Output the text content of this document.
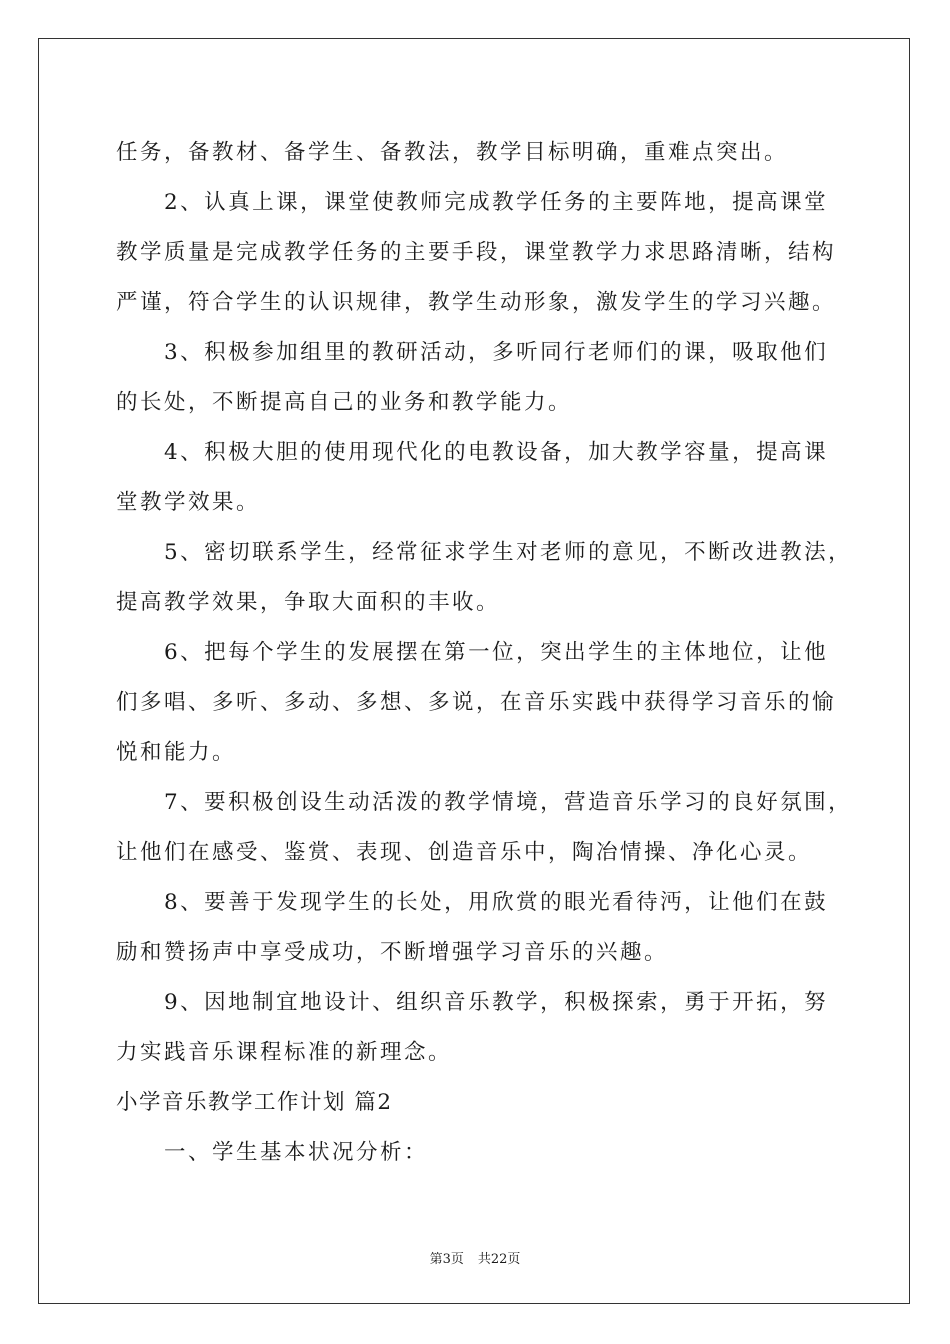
任务，备教材、备学生、备教法，教学目标明确，重难点突出。
2、认真上课，课堂使教师完成教学任务的主要阵地，提高课堂
教学质量是完成教学任务的主要手段，课堂教学力求思路清晰，结构
严谨，符合学生的认识规律，教学生动形象，激发学生的学习兴趣。
3、积极参加组里的教研活动，多听同行老师们的课，吸取他们
的长处，不断提高自己的业务和教学能力。
4、积极大胆的使用现代化的电教设备，加大教学容量，提高课
堂教学效果。
5、密切联系学生，经常征求学生对老师的意见，不断改进教法，
提高教学效果，争取大面积的丰收。
6、把每个学生的发展摆在第一位，突出学生的主体地位，让他
们多唱、多听、多动、多想、多说，在音乐实践中获得学习音乐的愉
悦和能力。
7、要积极创设生动活泼的教学情境，营造音乐学习的良好氛围，
让他们在感受、鉴赏、表现、创造音乐中，陶冶情操、净化心灵。
8、要善于发现学生的长处，用欣赏的眼光看待沔，让他们在鼓
励和赞扬声中享受成功，不断增强学习音乐的兴趣。
9、因地制宜地设计、组织音乐教学，积极探索，勇于开拓，努
力实践音乐课程标准的新理念。
小学音乐教学工作计划 篇2
一、学生基本状况分析：
第3页 共22页
